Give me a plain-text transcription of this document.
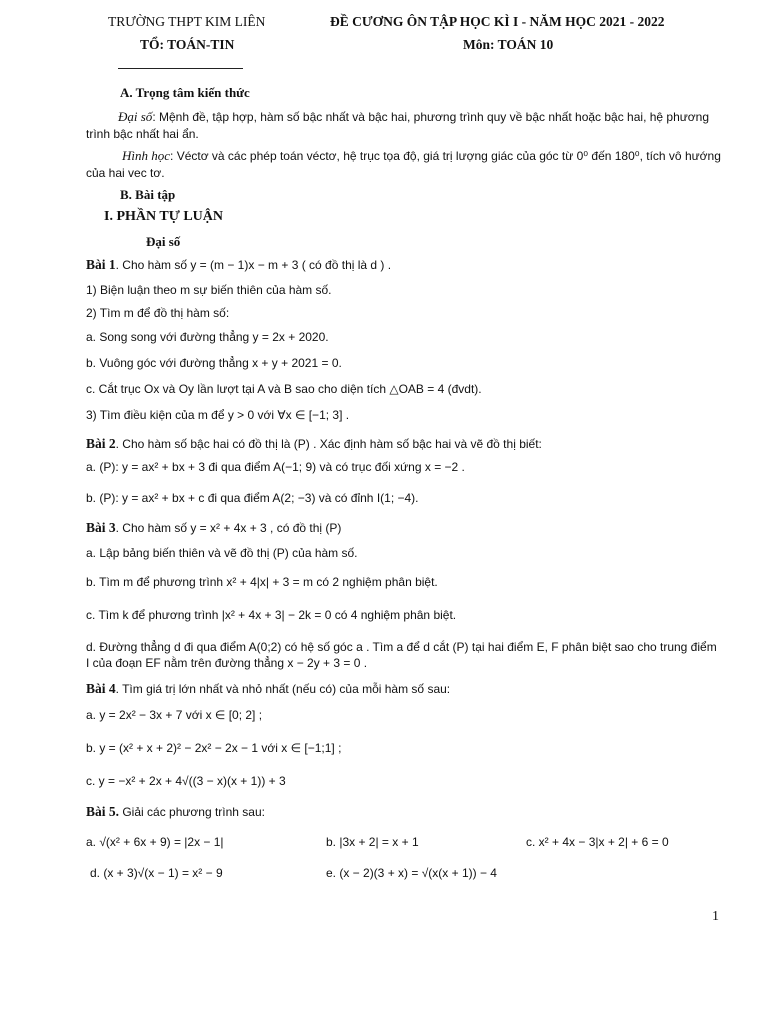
TRƯỜNG THPT KIM LIÊN
TỔ: TOÁN-TIN
ĐỀ CƯƠNG ÔN TẬP HỌC KÌ I - NĂM HỌC 2021 - 2022
Môn: TOÁN 10
A. Trọng tâm kiến thức
Đại số: Mệnh đề, tập hợp, hàm số bậc nhất và bậc hai, phương trình quy về bậc nhất hoặc bậc hai, hệ phương trình bậc nhất hai ẩn.
Hình học: Véctơ và các phép toán véctơ, hệ trục tọa độ, giá trị lượng giác của góc từ 0⁰ đến 180⁰, tích vô hướng của hai vec tơ.
B. Bài tập
I. PHẦN TỰ LUẬN
Đại số
Bài 1. Cho hàm số y = (m − 1)x − m + 3 ( có đồ thị là d ) .
1) Biện luận theo m sự biến thiên của hàm số.
2) Tìm m để đồ thị hàm số:
a. Song song với đường thẳng y = 2x + 2020.
b. Vuông góc với đường thẳng x + y + 2021 = 0.
c. Cắt trục Ox và Oy lần lượt tại A và B sao cho diện tích △OAB = 4 (đvdt).
3) Tìm điều kiện của m để y > 0 với ∀x ∈ [−1; 3] .
Bài 2. Cho hàm số bậc hai có đồ thị là (P) . Xác định hàm số bậc hai và vẽ đồ thị biết:
a. (P): y = ax² + bx + 3 đi qua điểm A(−1; 9) và có trục đối xứng x = −2 .
b. (P): y = ax² + bx + c đi qua điểm A(2; −3) và có đỉnh I(1; −4).
Bài 3. Cho hàm số y = x² + 4x + 3 , có đồ thị (P)
a. Lập bảng biến thiên và vẽ đồ thị (P) của hàm số.
b. Tìm m để phương trình x² + 4|x| + 3 = m có 2 nghiệm phân biệt.
c. Tìm k để phương trình |x² + 4x + 3| − 2k = 0 có 4 nghiệm phân biệt.
d. Đường thẳng d đi qua điểm A(0;2) có hệ số góc a . Tìm a để d cắt (P) tại hai điểm E, F phân biệt sao cho trung điểm I của đoạn EF nằm trên đường thẳng x − 2y + 3 = 0 .
Bài 4. Tìm giá trị lớn nhất và nhỏ nhất (nếu có) của mỗi hàm số sau:
a. y = 2x² − 3x + 7 với x ∈ [0; 2] ;
b. y = (x² + x + 2)² − 2x² − 2x − 1 với x ∈ [−1;1] ;
c. y = −x² + 2x + 4√((3 − x)(x + 1)) + 3
Bài 5. Giải các phương trình sau:
a. √(x² + 6x + 9) = |2x − 1|	b. |3x + 2| = x + 1	c. x² + 4x − 3|x + 2| + 6 = 0
d. (x + 3)√(x − 1) = x² − 9	e. (x − 2)(3 + x) = √(x(x + 1)) − 4
1
